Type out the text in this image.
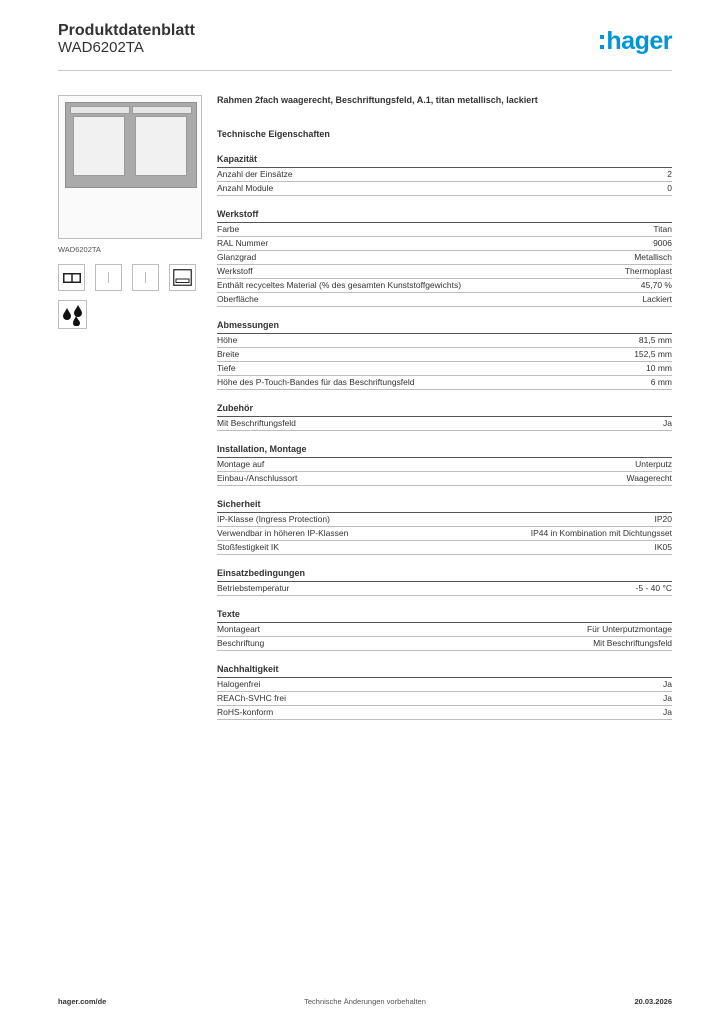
Produktdatenblatt
WAD6202TA	hager
WAD6202TA
Rahmen 2fach waagerecht, Beschriftungsfeld, A.1, titan metallisch, lackiert
Technische Eigenschaften
Kapazität
Anzahl der Einsätze	2
Anzahl Module	0
Werkstoff
Farbe	Titan
RAL Nummer	9006
Glanzgrad	Metallisch
Werkstoff	Thermoplast
Enthält recyceltes Material (% des gesamten Kunststoffgewichts)	45,70 %
Oberfläche	Lackiert
Abmessungen
Höhe	81,5 mm
Breite	152,5 mm
Tiefe	10 mm
Höhe des P-Touch-Bandes für das Beschriftungsfeld	6 mm
Zubehör
Mit Beschriftungsfeld	Ja
Installation, Montage
Montage auf	Unterputz
Einbau-/Anschlussort	Waagerecht
Sicherheit
IP-Klasse (Ingress Protection)	IP20
Verwendbar in höheren IP-Klassen	IP44 in Kombination mit Dichtungsset
Stoßfestigkeit IK	IK05
Einsatzbedingungen
Betriebstemperatur	-5 - 40 °C
Texte
Montageart	Für Unterputzmontage
Beschriftung	Mit Beschriftungsfeld
Nachhaltigkeit
Halogenfrei	Ja
REACh-SVHC frei	Ja
RoHS-konform	Ja
hager.com/de	Technische Änderungen vorbehalten	20.03.2026
